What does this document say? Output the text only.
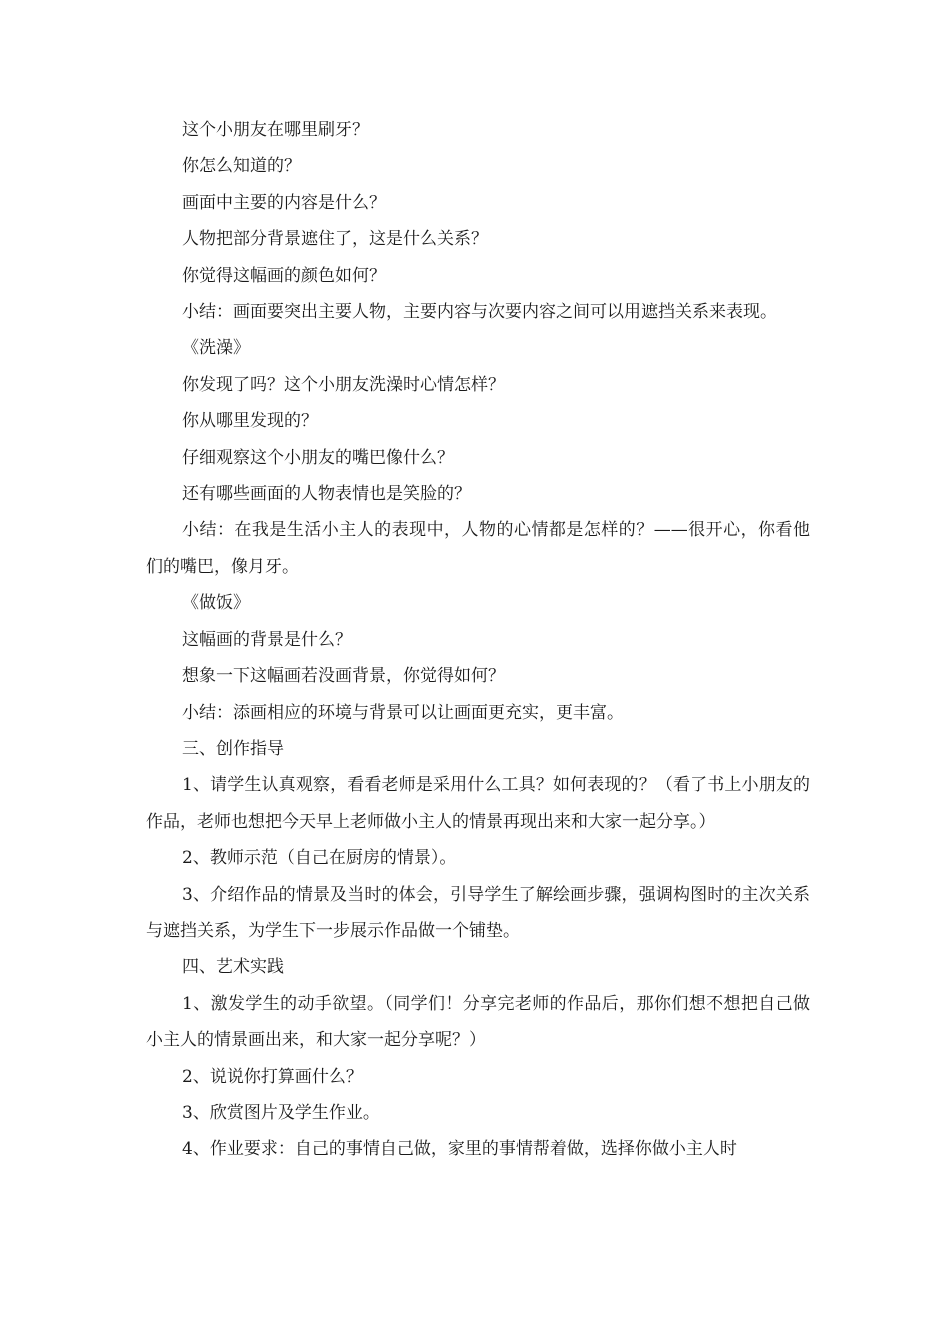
这个小朋友在哪里刷牙？

你怎么知道的？

画面中主要的内容是什么？

人物把部分背景遮住了，这是什么关系？

你觉得这幅画的颜色如何？

小结：画面要突出主要人物，主要内容与次要内容之间可以用遮挡关系来表现。

《洗澡》

你发现了吗？这个小朋友洗澡时心情怎样？

你从哪里发现的？

仔细观察这个小朋友的嘴巴像什么？

还有哪些画面的人物表情也是笑脸的？

小结：在我是生活小主人的表现中，人物的心情都是怎样的？——很开心，你看他们的嘴巴，像月牙。

《做饭》

这幅画的背景是什么？

想象一下这幅画若没画背景，你觉得如何？

小结：添画相应的环境与背景可以让画面更充实，更丰富。

三、创作指导

1、请学生认真观察，看看老师是采用什么工具？如何表现的？（看了书上小朋友的作品，老师也想把今天早上老师做小主人的情景再现出来和大家一起分享。）

2、教师示范（自己在厨房的情景）。

3、介绍作品的情景及当时的体会，引导学生了解绘画步骤，强调构图时的主次关系与遮挡关系，为学生下一步展示作品做一个铺垫。

四、艺术实践

1、激发学生的动手欲望。（同学们！分享完老师的作品后，那你们想不想把自己做小主人的情景画出来，和大家一起分享呢？）

2、说说你打算画什么？

3、欣赏图片及学生作业。

4、作业要求：自己的事情自己做，家里的事情帮着做，选择你做小主人时
